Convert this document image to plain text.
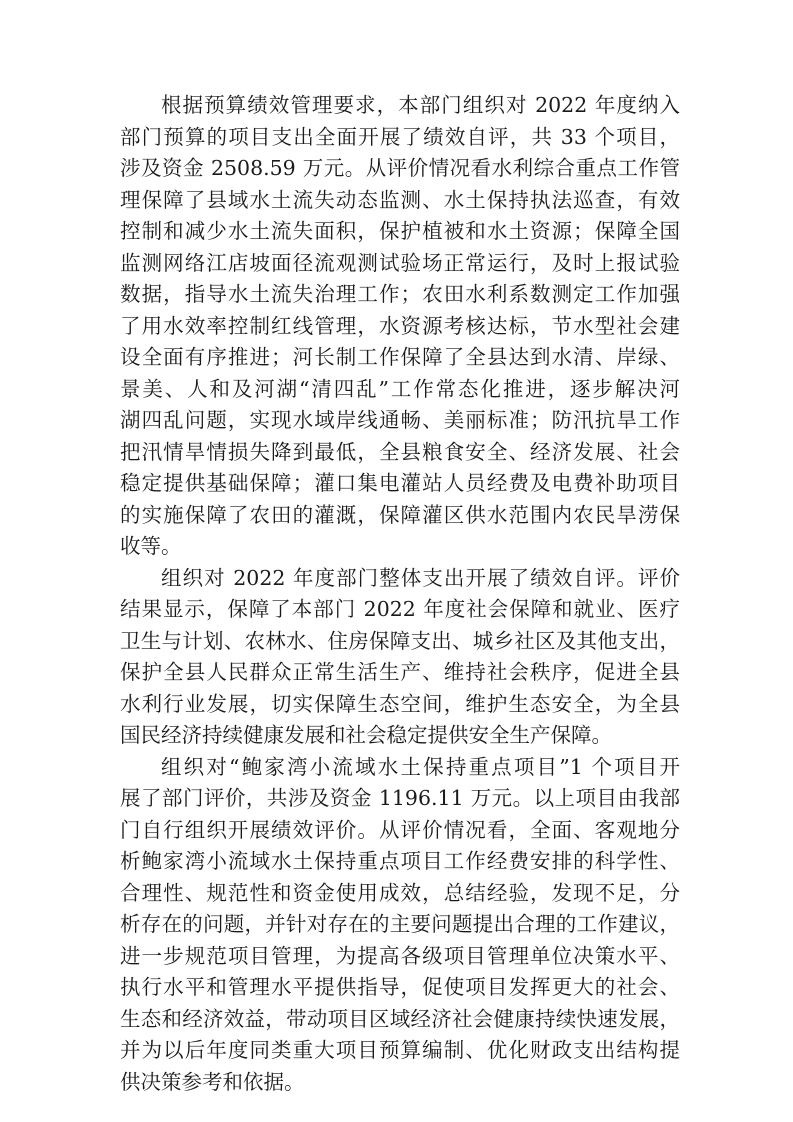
根据预算绩效管理要求，本部门组织对 2022 年度纳入
部门预算的项目支出全面开展了绩效自评，共 33 个项目，
涉及资金 2508.59 万元。从评价情况看水利综合重点工作管
理保障了县域水土流失动态监测、水土保持执法巡查，有效
控制和减少水土流失面积，保护植被和水土资源；保障全国
监测网络江店坡面径流观测试验场正常运行，及时上报试验
数据，指导水土流失治理工作；农田水利系数测定工作加强
了用水效率控制红线管理，水资源考核达标，节水型社会建
设全面有序推进；河长制工作保障了全县达到水清、岸绿、
景美、人和及河湖“清四乱”工作常态化推进，逐步解决河
湖四乱问题，实现水域岸线通畅、美丽标准；防汛抗旱工作
把汛情旱情损失降到最低，全县粮食安全、经济发展、社会
稳定提供基础保障；灌口集电灌站人员经费及电费补助项目
的实施保障了农田的灌溉，保障灌区供水范围内农民旱涝保
收等。

组织对 2022 年度部门整体支出开展了绩效自评。评价
结果显示，保障了本部门 2022 年度社会保障和就业、医疗
卫生与计划、农林水、住房保障支出、城乡社区及其他支出，
保护全县人民群众正常生活生产、维持社会秩序，促进全县
水利行业发展，切实保障生态空间，维护生态安全，为全县
国民经济持续健康发展和社会稳定提供安全生产保障。

组织对“鲍家湾小流域水土保持重点项目”1 个项目开
展了部门评价，共涉及资金 1196.11 万元。以上项目由我部
门自行组织开展绩效评价。从评价情况看，全面、客观地分
析鲍家湾小流域水土保持重点项目工作经费安排的科学性、
合理性、规范性和资金使用成效，总结经验，发现不足，分
析存在的问题，并针对存在的主要问题提出合理的工作建议，
进一步规范项目管理，为提高各级项目管理单位决策水平、
执行水平和管理水平提供指导，促使项目发挥更大的社会、
生态和经济效益，带动项目区域经济社会健康持续快速发展，
并为以后年度同类重大项目预算编制、优化财政支出结构提
供决策参考和依据。
